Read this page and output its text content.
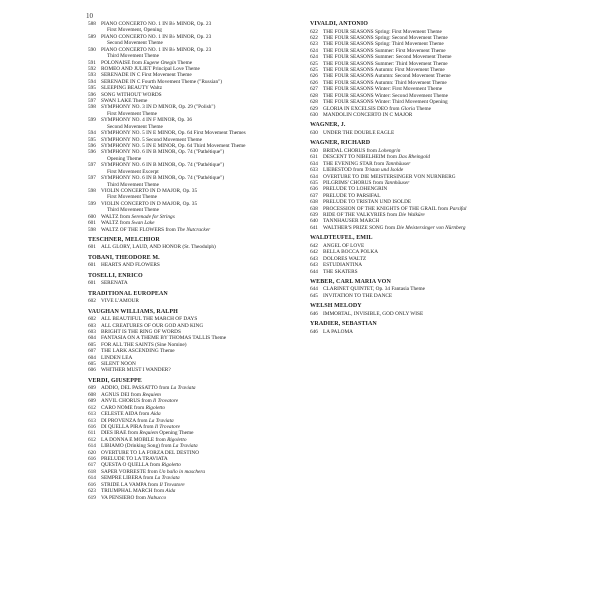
10
588 PIANO CONCERTO NO. 1 IN B♭ MINOR, Op. 23
First Movement, Opening
589 PIANO CONCERTO NO. 1 IN B♭ MINOR, Op. 23
Second Movement Theme
590 PIANO CONCERTO NO. 1 IN B♭ MINOR, Op. 23
Third Movement Theme
591 POLONAISE from Eugene Onegin Theme
592 ROMEO AND JULIET Principal Love Theme
593 SERENADE IN C First Movement Theme
594 SERENADE IN C Fourth Movement Theme ("Russian")
595 SLEEPING BEAUTY Waltz
596 SONG WITHOUT WORDS
597 SWAN LAKE Theme
598 SYMPHONY NO. 3 IN D MINOR, Op. 29 ("Polish")
First Movement Theme
599 SYMPHONY NO. 4 IN F MINOR, Op. 36
Second Movement Theme
594 SYMPHONY NO. 5 IN E MINOR, Op. 64 First Movement Themes
595 SYMPHONY NO. 5 Second Movement Theme
596 SYMPHONY NO. 5 IN E MINOR, Op. 64 Third Movement Theme
596 SYMPHONY NO. 6 IN B MINOR, Op. 74 ("Pathétique")
Opening Theme
597 SYMPHONY NO. 6 IN B MINOR, Op. 74 ("Pathétique")
First Movement Excerpt
597 SYMPHONY NO. 6 IN B MINOR, Op. 74 ("Pathétique")
Third Movement Theme
598 VIOLIN CONCERTO IN D MAJOR, Op. 35
First Movement Theme
599 VIOLIN CONCERTO IN D MAJOR, Op. 35
Third Movement Theme
600 WALTZ from Serenade for Strings
601 WALTZ from Swan Lake
598 WALTZ OF THE FLOWERS from The Nutcracker
TESCHNER, MELCHIOR
601 ALL GLORY, LAUD, AND HONOR (St. Theodulph)
TOBANI, THEODORE M.
601 HEARTS AND FLOWERS
TOSELLI, ENRICO
601 SERENATA
TRADITIONAL EUROPEAN
602 VIVE L'AMOUR
VAUGHAN WILLIAMS, RALPH
602 ALL BEAUTIFUL THE MARCH OF DAYS
603 ALL CREATURES OF OUR GOD AND KING
603 BRIGHT IS THE RING OF WORDS
604 FANTASIA ON A THEME BY THOMAS TALLIS Theme
605 FOR ALL THE SAINTS (Sine Nomine)
607 THE LARK ASCENDING Theme
604 LINDEN LEA
605 SILENT NOON
606 WHITHER MUST I WANDER?
VERDI, GIUSEPPE
609 ADDIO, DEL PASSATTO from La Traviata
608 AGNUS DEI from Requiem
609 ANVIL CHORUS from Il Trovatore
612 CARO NOME from Rigoletto
613 CELESTE AIDA from Aida
613 DI PROVENZA from La Traviata
616 DI QUELLA PIRA from Il Trovatore
611 DIES IRAE from Requiem Opening Theme
612 LA DONNA È MOBILE from Rigoletto
614 LIBIAMO (Drinking Song) from La Traviata
620 OVERTURE TO LA FORZA DEL DESTINO
616 PRELUDE TO LA TRAVIATA
617 QUESTA O QUELLA from Rigoletto
618 SAPER VORRESTE from Un ballo in maschera
614 SEMPRE LIBERA from La Traviata
616 STRIDE LA VAMPA from Il Trovatore
623 TRIUMPHAL MARCH from Aida
619 VA PENSIERO from Nabucco
VIVALDI, ANTONIO
622 THE FOUR SEASONS Spring: First Movement Theme
622 THE FOUR SEASONS Spring: Second Movement Theme
623 THE FOUR SEASONS Spring: Third Movement Theme
624 THE FOUR SEASONS Summer: First Movement Theme
624 THE FOUR SEASONS Summer: Second Movement Theme
625 THE FOUR SEASONS Summer: Third Movement Theme
625 THE FOUR SEASONS Autumn: First Movement Theme
626 THE FOUR SEASONS Autumn: Second Movement Theme
626 THE FOUR SEASONS Autumn: Third Movement Theme
627 THE FOUR SEASONS Winter: First Movement Theme
628 THE FOUR SEASONS Winter: Second Movement Theme
628 THE FOUR SEASONS Winter: Third Movement Opening
629 GLORIA IN EXCELSIS DEO from Gloria Theme
630 MANDOLIN CONCERTO IN C MAJOR
WAGNER, J.
630 UNDER THE DOUBLE EAGLE
WAGNER, RICHARD
630 BRIDAL CHORUS from Lohengrin
631 DESCENT TO NIBELHEIM from Das Rheingold
634 THE EVENING STAR from Tannhäuser
633 LIEBESTOD from Tristan und Isolde
634 OVERTURE TO DIE MEISTERSINGER VON NÜRNBERG
635 PILGRIMS' CHORUS from Tannhäuser
636 PRELUDE TO LOHENGRIN
637 PRELUDE TO PARSIFAL
638 PRELUDE TO TRISTAN UND ISOLDE
638 PROCESSION OF THE KNIGHTS OF THE GRAIL from Parsifal
639 RIDE OF THE VALKYRIES from Die Walküre
640 TANNHÄUSER MARCH
641 WALTHER'S PRIZE SONG from Die Meistersinger von Nürnberg
WALDTEUFEL, EMIL
642 ANGEL OF LOVE
642 BELLA BOCCA POLKA
643 DOLORES WALTZ
643 ESTUDIANTINA
644 THE SKATERS
WEBER, CARL MARIA VON
644 CLARINET QUINTET, Op. 34 Fantasia Theme
645 INVITATION TO THE DANCE
WELSH MELODY
646 IMMORTAL, INVISIBLE, GOD ONLY WISE
YRADIER, SEBASTIAN
646 LA PALOMA
